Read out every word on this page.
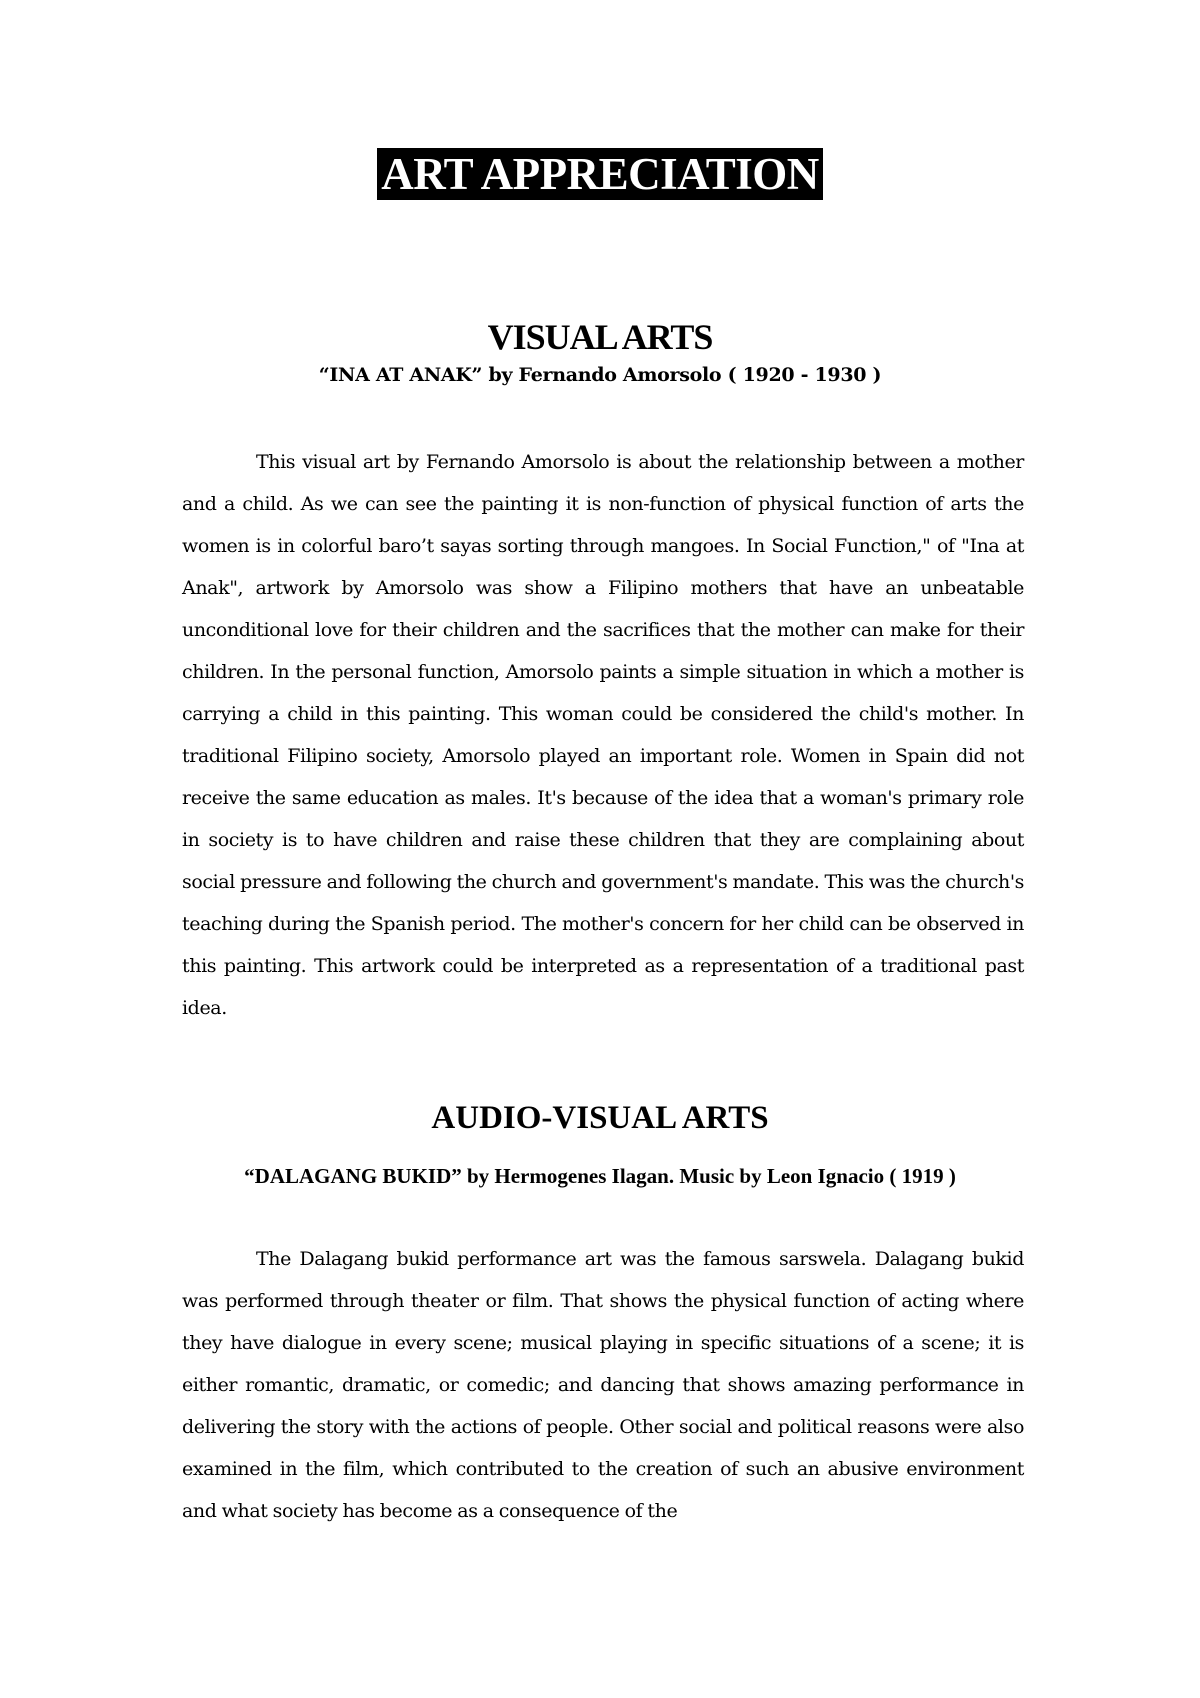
ART APPRECIATION
VISUAL ARTS
“INA AT ANAK” by Fernando Amorsolo ( 1920 - 1930 )

This visual art by Fernando Amorsolo is about the relationship between a mother and a child. As we can see the painting it is non-function of physical function of arts the women is in colorful baro’t sayas sorting through mangoes. In Social Function," of "Ina at Anak", artwork by Amorsolo was show a Filipino mothers that have an unbeatable unconditional love for their children and the sacrifices that the mother can make for their children. In the personal function, Amorsolo paints a simple situation in which a mother is carrying a child in this painting. This woman could be considered the child's mother. In traditional Filipino society, Amorsolo played an important role. Women in Spain did not receive the same education as males. It's because of the idea that a woman's primary role in society is to have children and raise these children that they are complaining about social pressure and following the church and government's mandate. This was the church's teaching during the Spanish period. The mother's concern for her child can be observed in this painting. This artwork could be interpreted as a representation of a traditional past idea.

AUDIO-VISUAL ARTS
“DALAGANG BUKID” by Hermogenes Ilagan. Music by Leon Ignacio ( 1919 )

The Dalagang bukid performance art was the famous sarswela. Dalagang bukid was performed through theater or film. That shows the physical function of acting where they have dialogue in every scene; musical playing in specific situations of a scene; it is either romantic, dramatic, or comedic; and dancing that shows amazing performance in delivering the story with the actions of people. Other social and political reasons were also examined in the film, which contributed to the creation of such an abusive environment and what society has become as a consequence of the
